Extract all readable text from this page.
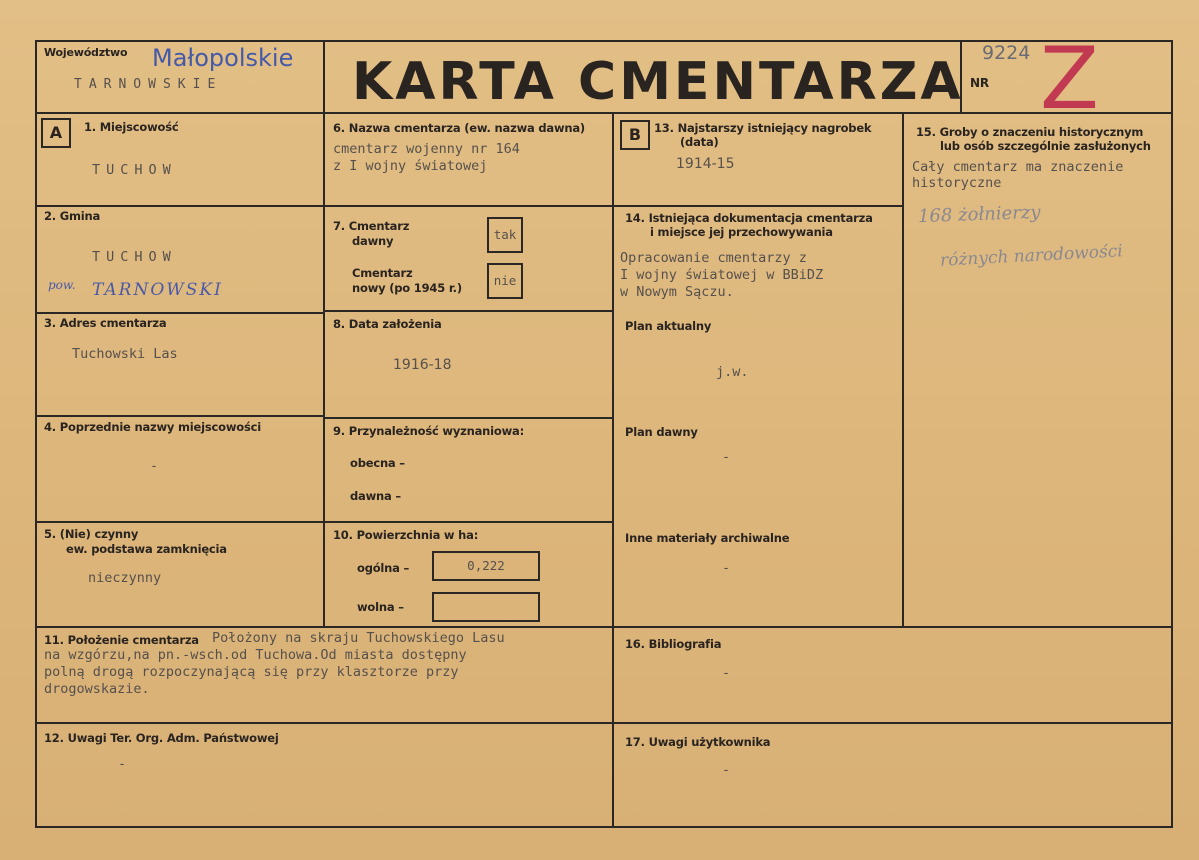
Województwo Małopolskie
TARNOWSKIE KARTA CMENTARZA 9224
NR Z
A	1. Miejscowość
TUCHOW
2. Gmina
TUCHOW
pow. TARNOWSKI
3. Adres cmentarza
Tuchowski Las
4. Poprzednie nazwy miejscowości
-
5. (Nie) czynny
ew. podstawa zamknięcia
nieczynny
6. Nazwa cmentarza (ew. nazwa dawna)
cmentarz wojenny nr 164
z I wojny światowej
7. Cmentarz
dawny	tak
Cmentarz
nowy (po 1945 r.)	nie
8. Data założenia
1916-18
9. Przynależność wyznaniowa:
obecna –
dawna –
10. Powierzchnia w ha:
ogólna –	0,222
wolna –
B	13. Najstarszy istniejący nagrobek
(data)
1914-15
14. Istniejąca dokumentacja cmentarza
i miejsce jej przechowywania
Opracowanie cmentarzy z
I wojny światowej w BBiDZ
w Nowym Sączu.
Plan aktualny
j.w.
Plan dawny
-
Inne materiały archiwalne
-
15. Groby o znaczeniu historycznym
lub osób szczególnie zasłużonych
Cały cmentarz ma znaczenie
historyczne
168 żołnierzy
różnych narodowości
11. Położenie cmentarza Położony na skraju Tuchowskiego Lasu
na wzgórzu,na pn.-wsch.od Tuchowa.Od miasta dostępny
polną drogą rozpoczynającą się przy klasztorze przy
drogowskazie.
16. Bibliografia
-
12. Uwagi Ter. Org. Adm. Państwowej
-
17. Uwagi użytkownika
-
